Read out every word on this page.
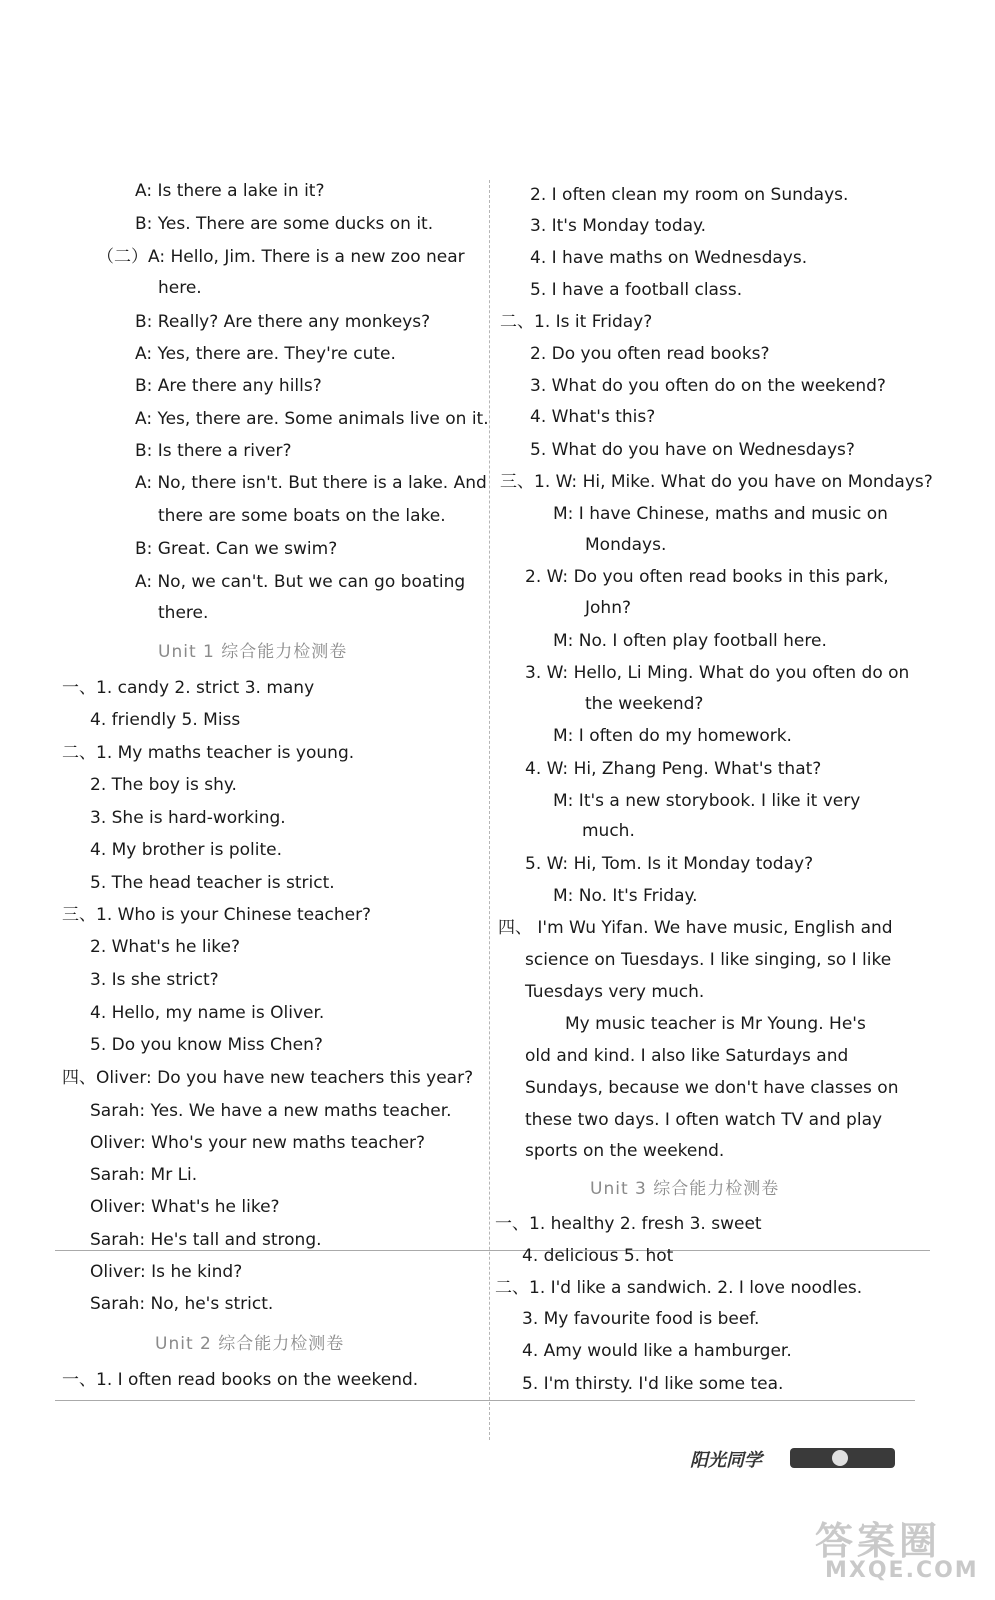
A: Is there a lake in it?
B: Yes. There are some ducks on it.
（二）A: Hello, Jim. There is a new zoo near
here.
B: Really? Are there any monkeys?
A: Yes, there are. They're cute.
B: Are there any hills?
A: Yes, there are. Some animals live on it.
B: Is there a river?
A: No, there isn't. But there is a lake. And
there are some boats on the lake.
B: Great. Can we swim?
A: No, we can't. But we can go boating
there.
Unit 1 综合能力检测卷
一、1. candy 2. strict 3. many
4. friendly 5. Miss
二、1. My maths teacher is young.
2. The boy is shy.
3. She is hard-working.
4. My brother is polite.
5. The head teacher is strict.
三、1. Who is your Chinese teacher?
2. What's he like?
3. Is she strict?
4. Hello, my name is Oliver.
5. Do you know Miss Chen?
四、Oliver: Do you have new teachers this year?
Sarah: Yes. We have a new maths teacher.
Oliver: Who's your new maths teacher?
Sarah: Mr Li.
Oliver: What's he like?
Sarah: He's tall and strong.
Oliver: Is he kind?
Sarah: No, he's strict.
Unit 2 综合能力检测卷
一、1. I often read books on the weekend.
2. I often clean my room on Sundays.
3. It's Monday today.
4. I have maths on Wednesdays.
5. I have a football class.
二、1. Is it Friday?
2. Do you often read books?
3. What do you often do on the weekend?
4. What's this?
5. What do you have on Wednesdays?
三、1. W: Hi, Mike. What do you have on Mondays?
M: I have Chinese, maths and music on
Mondays.
2. W: Do you often read books in this park,
John?
M: No. I often play football here.
3. W: Hello, Li Ming. What do you often do on
the weekend?
M: I often do my homework.
4. W: Hi, Zhang Peng. What's that?
M: It's a new storybook. I like it very
much.
5. W: Hi, Tom. Is it Monday today?
M: No. It's Friday.
四、 I'm Wu Yifan. We have music, English and
science on Tuesdays. I like singing, so I like
Tuesdays very much.
My music teacher is Mr Young. He's
old and kind. I also like Saturdays and
Sundays, because we don't have classes on
these two days. I often watch TV and play
sports on the weekend.
Unit 3 综合能力检测卷
一、1. healthy 2. fresh 3. sweet
4. delicious 5. hot
二、1. I'd like a sandwich. 2. I love noodles.
3. My favourite food is beef.
4. Amy would like a hamburger.
5. I'm thirsty. I'd like some tea.
阳光同学
答案圈
MXQE.COM
